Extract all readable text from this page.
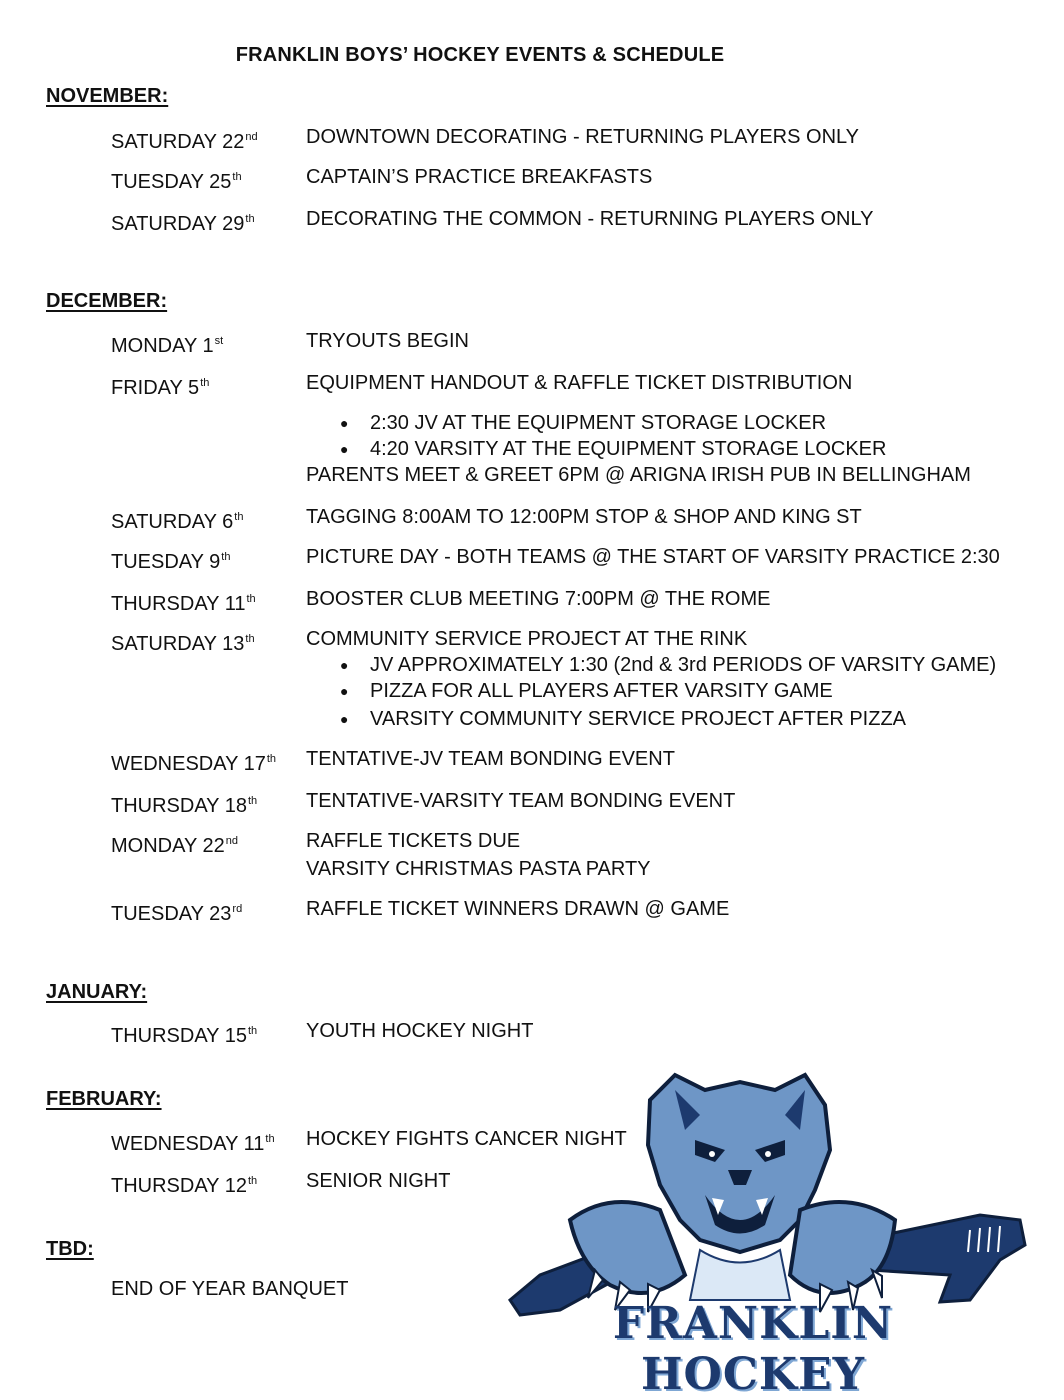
FRANKLIN BOYS’ HOCKEY EVENTS & SCHEDULE
NOVEMBER:
SATURDAY 22nd DOWNTOWN DECORATING - RETURNING PLAYERS ONLY
TUESDAY 25th	CAPTAIN’S PRACTICE BREAKFASTS
SATURDAY 29th	DECORATING THE COMMON - RETURNING PLAYERS ONLY
DECEMBER:
MONDAY 1st	TRYOUTS BEGIN
FRIDAY 5th	EQUIPMENT HANDOUT & RAFFLE TICKET DISTRIBUTION
● 2:30 JV AT THE EQUIPMENT STORAGE LOCKER
● 4:20 VARSITY AT THE EQUIPMENT STORAGE LOCKER
PARENTS MEET & GREET 6PM @ ARIGNA IRISH PUB IN BELLINGHAM
SATURDAY 6th	TAGGING 8:00AM TO 12:00PM STOP & SHOP AND KING ST
TUESDAY 9th	PICTURE DAY - BOTH TEAMS @ THE START OF VARSITY PRACTICE 2:30
THURSDAY 11th	BOOSTER CLUB MEETING 7:00PM @ THE ROME
SATURDAY 13th	COMMUNITY SERVICE PROJECT AT THE RINK
● JV APPROXIMATELY 1:30 (2nd & 3rd PERIODS OF VARSITY GAME)
● PIZZA FOR ALL PLAYERS AFTER VARSITY GAME
● VARSITY COMMUNITY SERVICE PROJECT AFTER PIZZA
WEDNESDAY 17th TENTATIVE-JV TEAM BONDING EVENT
THURSDAY 18th TENTATIVE-VARSITY TEAM BONDING EVENT
MONDAY 22nd	RAFFLE TICKETS DUE
VARSITY CHRISTMAS PASTA PARTY
TUESDAY 23rd	RAFFLE TICKET WINNERS DRAWN @ GAME
JANUARY:
THURSDAY 15th YOUTH HOCKEY NIGHT
FEBRUARY:
WEDNESDAY 11th HOCKEY FIGHTS CANCER NIGHT
THURSDAY 12th SENIOR NIGHT
TBD:
END OF YEAR BANQUET
FRANKLIN HOCKEY
